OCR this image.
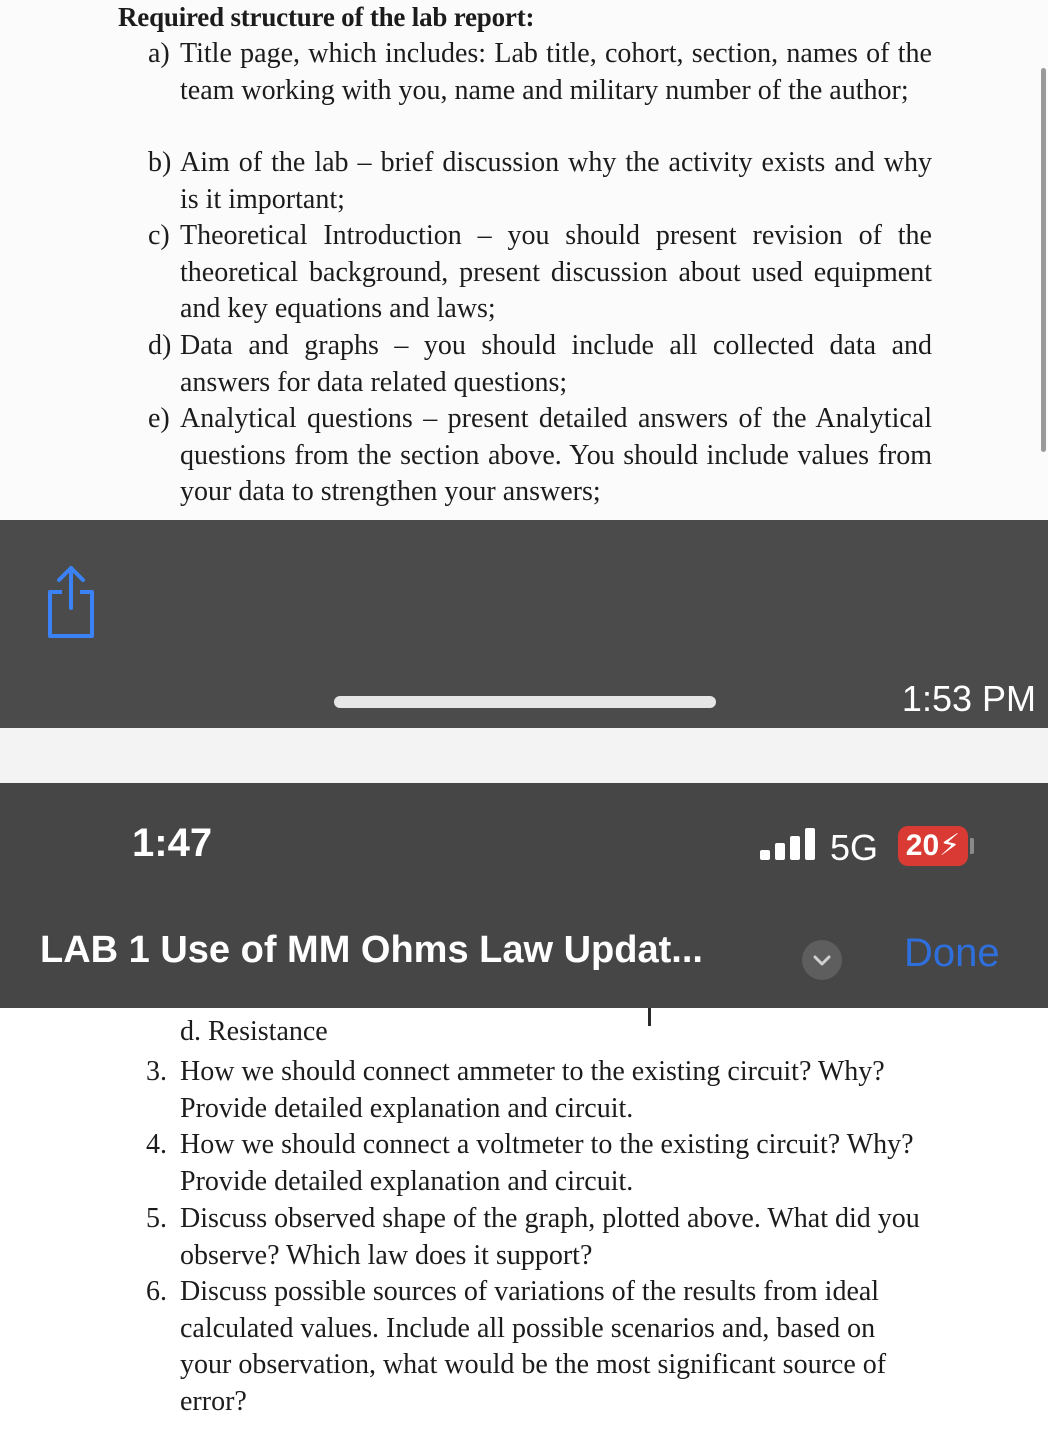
Required structure of the lab report:
a) Title page, which includes: Lab title, cohort, section, names of the team working with you, name and military number of the author;
b) Aim of the lab – brief discussion why the activity exists and why is it important;
c) Theoretical Introduction – you should present revision of the theoretical background, present discussion about used equipment and key equations and laws;
d) Data and graphs – you should include all collected data and answers for data related questions;
e) Analytical questions – present detailed answers of the Analytical questions from the section above. You should include values from your data to strengthen your answers;
1:53 PM
1:47	5G 20⚡
LAB 1 Use of MM Ohms Law Updat...	Done
d. Resistance
3. How we should connect ammeter to the existing circuit? Why? Provide detailed explanation and circuit.
4. How we should connect a voltmeter to the existing circuit? Why? Provide detailed explanation and circuit.
5. Discuss observed shape of the graph, plotted above. What did you observe? Which law does it support?
6. Discuss possible sources of variations of the results from ideal calculated values. Include all possible scenarios and, based on your observation, what would be the most significant source of error?
